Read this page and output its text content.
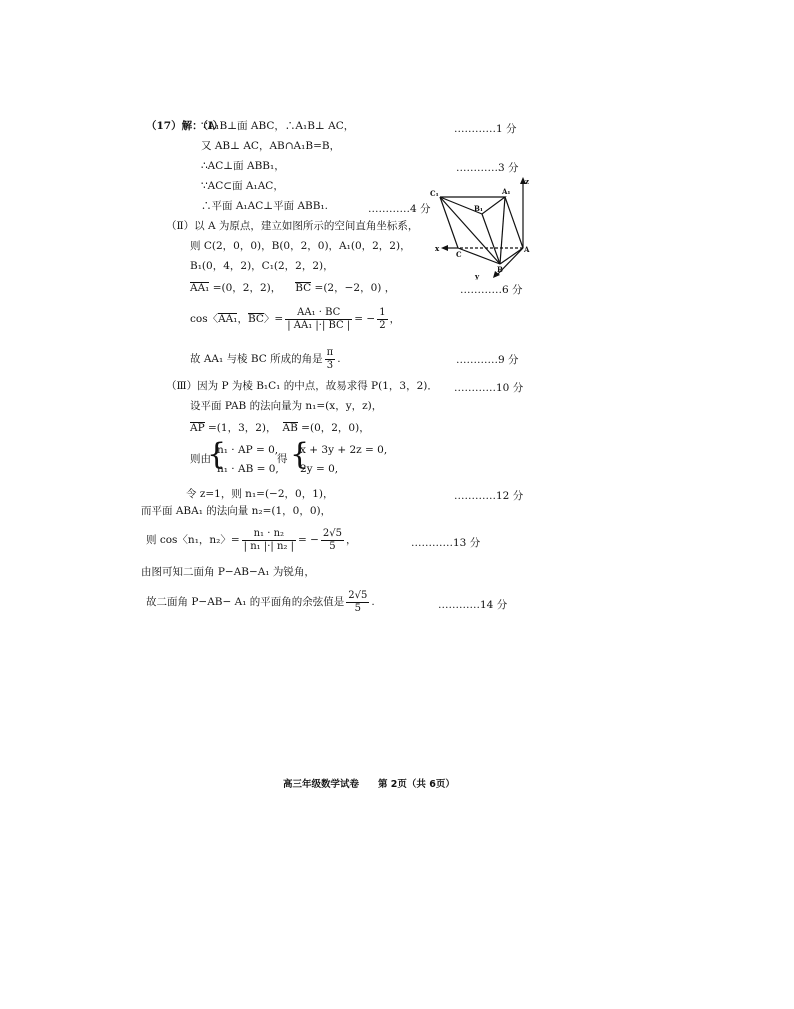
（17）解：（Ⅰ）
∵A₁B⊥面 ABC，∴A₁B⊥ AC，
又 AB⊥ AC，AB∩A₁B=B，
∴AC⊥面 ABB₁，
∵AC⊂面 A₁AC，
∴平面 A₁AC⊥平面 ABB₁.
…………1 分
…………3 分
…………4 分
C₁	A₁
B₁
z
x
C
A
B
y
（Ⅱ）以 A 为原点，建立如图所示的空间直角坐标系，
则 C(2，0，0)，B(0，2，0)，A₁(0，2，2)，
B₁(0，4，2)，C₁(2，2，2)，
AA₁ =(0，2，2)， BC =(2，−2，0) ，	…………6 分
cos〈AA₁，BC〉= $\frac{\text{AA₁ · BC}}{\text{| AA₁ |·| BC |}}$ = − $\frac{1}{2}$ ，
故 AA₁ 与棱 BC 所成的角是 $\frac{\pi}{3}$ .	…………9 分
（Ⅲ）因为 P 为棱 B₁C₁ 的中点，故易求得 P(1，3，2)． …………10 分
设平面 PAB 的法向量为 n₁=(x，y，z)，
AP =(1，3，2)， AB =(0，2，0)，
则由
{
n₁ · AP = 0,
n₁ · AB = 0,
得 {
x + 3y + 2z = 0,
2y = 0,
令 z=1，则 n₁=(−2，0，1)，	…………12 分
而平面 ABA₁ 的法向量 n₂=(1，0，0)，
则 cos〈n₁，n₂〉= $\frac{\text{n₁ · n₂}}{\text{| n₁ |·| n₂ |}}$ = − $\frac{2√5}{5}$ ，	…………13 分
由图可知二面角 P−AB−A₁ 为锐角，
故二面角 P−AB− A₁ 的平面角的余弦值是 $\frac{2√5}{5}$ .	…………14 分
高三年级数学试卷　　第 2页（共 6页）
